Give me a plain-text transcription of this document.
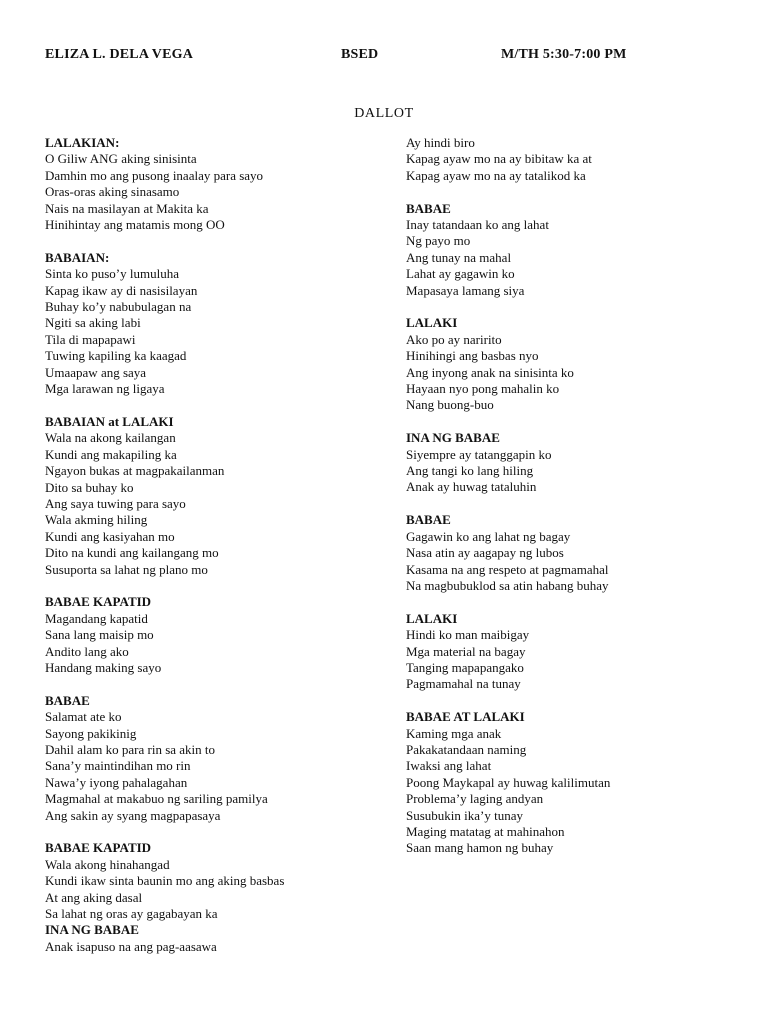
ELIZA L. DELA VEGA	BSED	M/TH 5:30-7:00 PM
DALLOT
LALAKIAN:
O Giliw ANG aking sinisinta
Damhin mo ang pusong inaalay para sayo
Oras-oras aking sinasamo
Nais na masilayan at Makita ka
Hinihintay ang matamis mong OO
BABAIAN:
Sinta ko puso’y lumuluha
Kapag ikaw ay di nasisilayan
Buhay ko’y nabubulagan na
Ngiti sa aking labi
Tila di mapapawi
Tuwing kapiling ka kaagad
Umaapaw ang saya
Mga larawan ng ligaya
BABAIAN at LALAKI
Wala na akong kailangan
Kundi ang makapiling ka
Ngayon bukas at magpakailanman
Dito sa buhay ko
Ang saya tuwing para sayo
Wala akming hiling
Kundi ang kasiyahan mo
Dito na kundi ang kailangang mo
Susuporta sa lahat ng plano mo
BABAE KAPATID
Magandang kapatid
Sana lang maisip mo
Andito lang ako
Handang making sayo
BABAE
Salamat ate ko
Sayong pakikinig
Dahil alam ko para rin sa akin to
Sana’y maintindihan mo rin
Nawa’y iyong pahalagahan
Magmahal at makabuo ng sariling pamilya
Ang sakin ay syang magpapasaya
BABAE KAPATID
Wala akong hinahangad
Kundi ikaw sinta baunin mo ang aking basbas
At ang aking dasal
Sa lahat ng oras ay gagabayan ka
INA NG BABAE
Anak isapuso na ang pag-aasawa
Ay hindi biro
Kapag ayaw mo na ay bibitaw ka at
Kapag ayaw mo na ay tatalikod ka
BABAE
Inay tatandaan ko ang lahat
Ng payo mo
Ang tunay na mahal
Lahat ay gagawin ko
Mapasaya lamang siya
LALAKI
Ako po ay naririto
Hinihingi ang basbas nyo
Ang inyong anak na sinisinta ko
Hayaan nyo pong mahalin ko
Nang buong-buo
INA NG BABAE
Siyempre ay tatanggapin ko
Ang tangi ko lang hiling
Anak ay huwag tataluhin
BABAE
Gagawin ko ang lahat ng bagay
Nasa atin ay aagapay ng lubos
Kasama na ang respeto at pagmamahal
Na magbubuklod sa atin habang buhay
LALAKI
Hindi ko man maibigay
Mga material na bagay
Tanging mapapangako
Pagmamahal na tunay
BABAE AT LALAKI
Kaming mga anak
Pakakatandaan naming
Iwaksi ang lahat
Poong Maykapal ay huwag kalilimutan
Problema’y laging andyan
Susubukin ika’y tunay
Maging matatag at mahinahon
Saan mang hamon ng buhay
